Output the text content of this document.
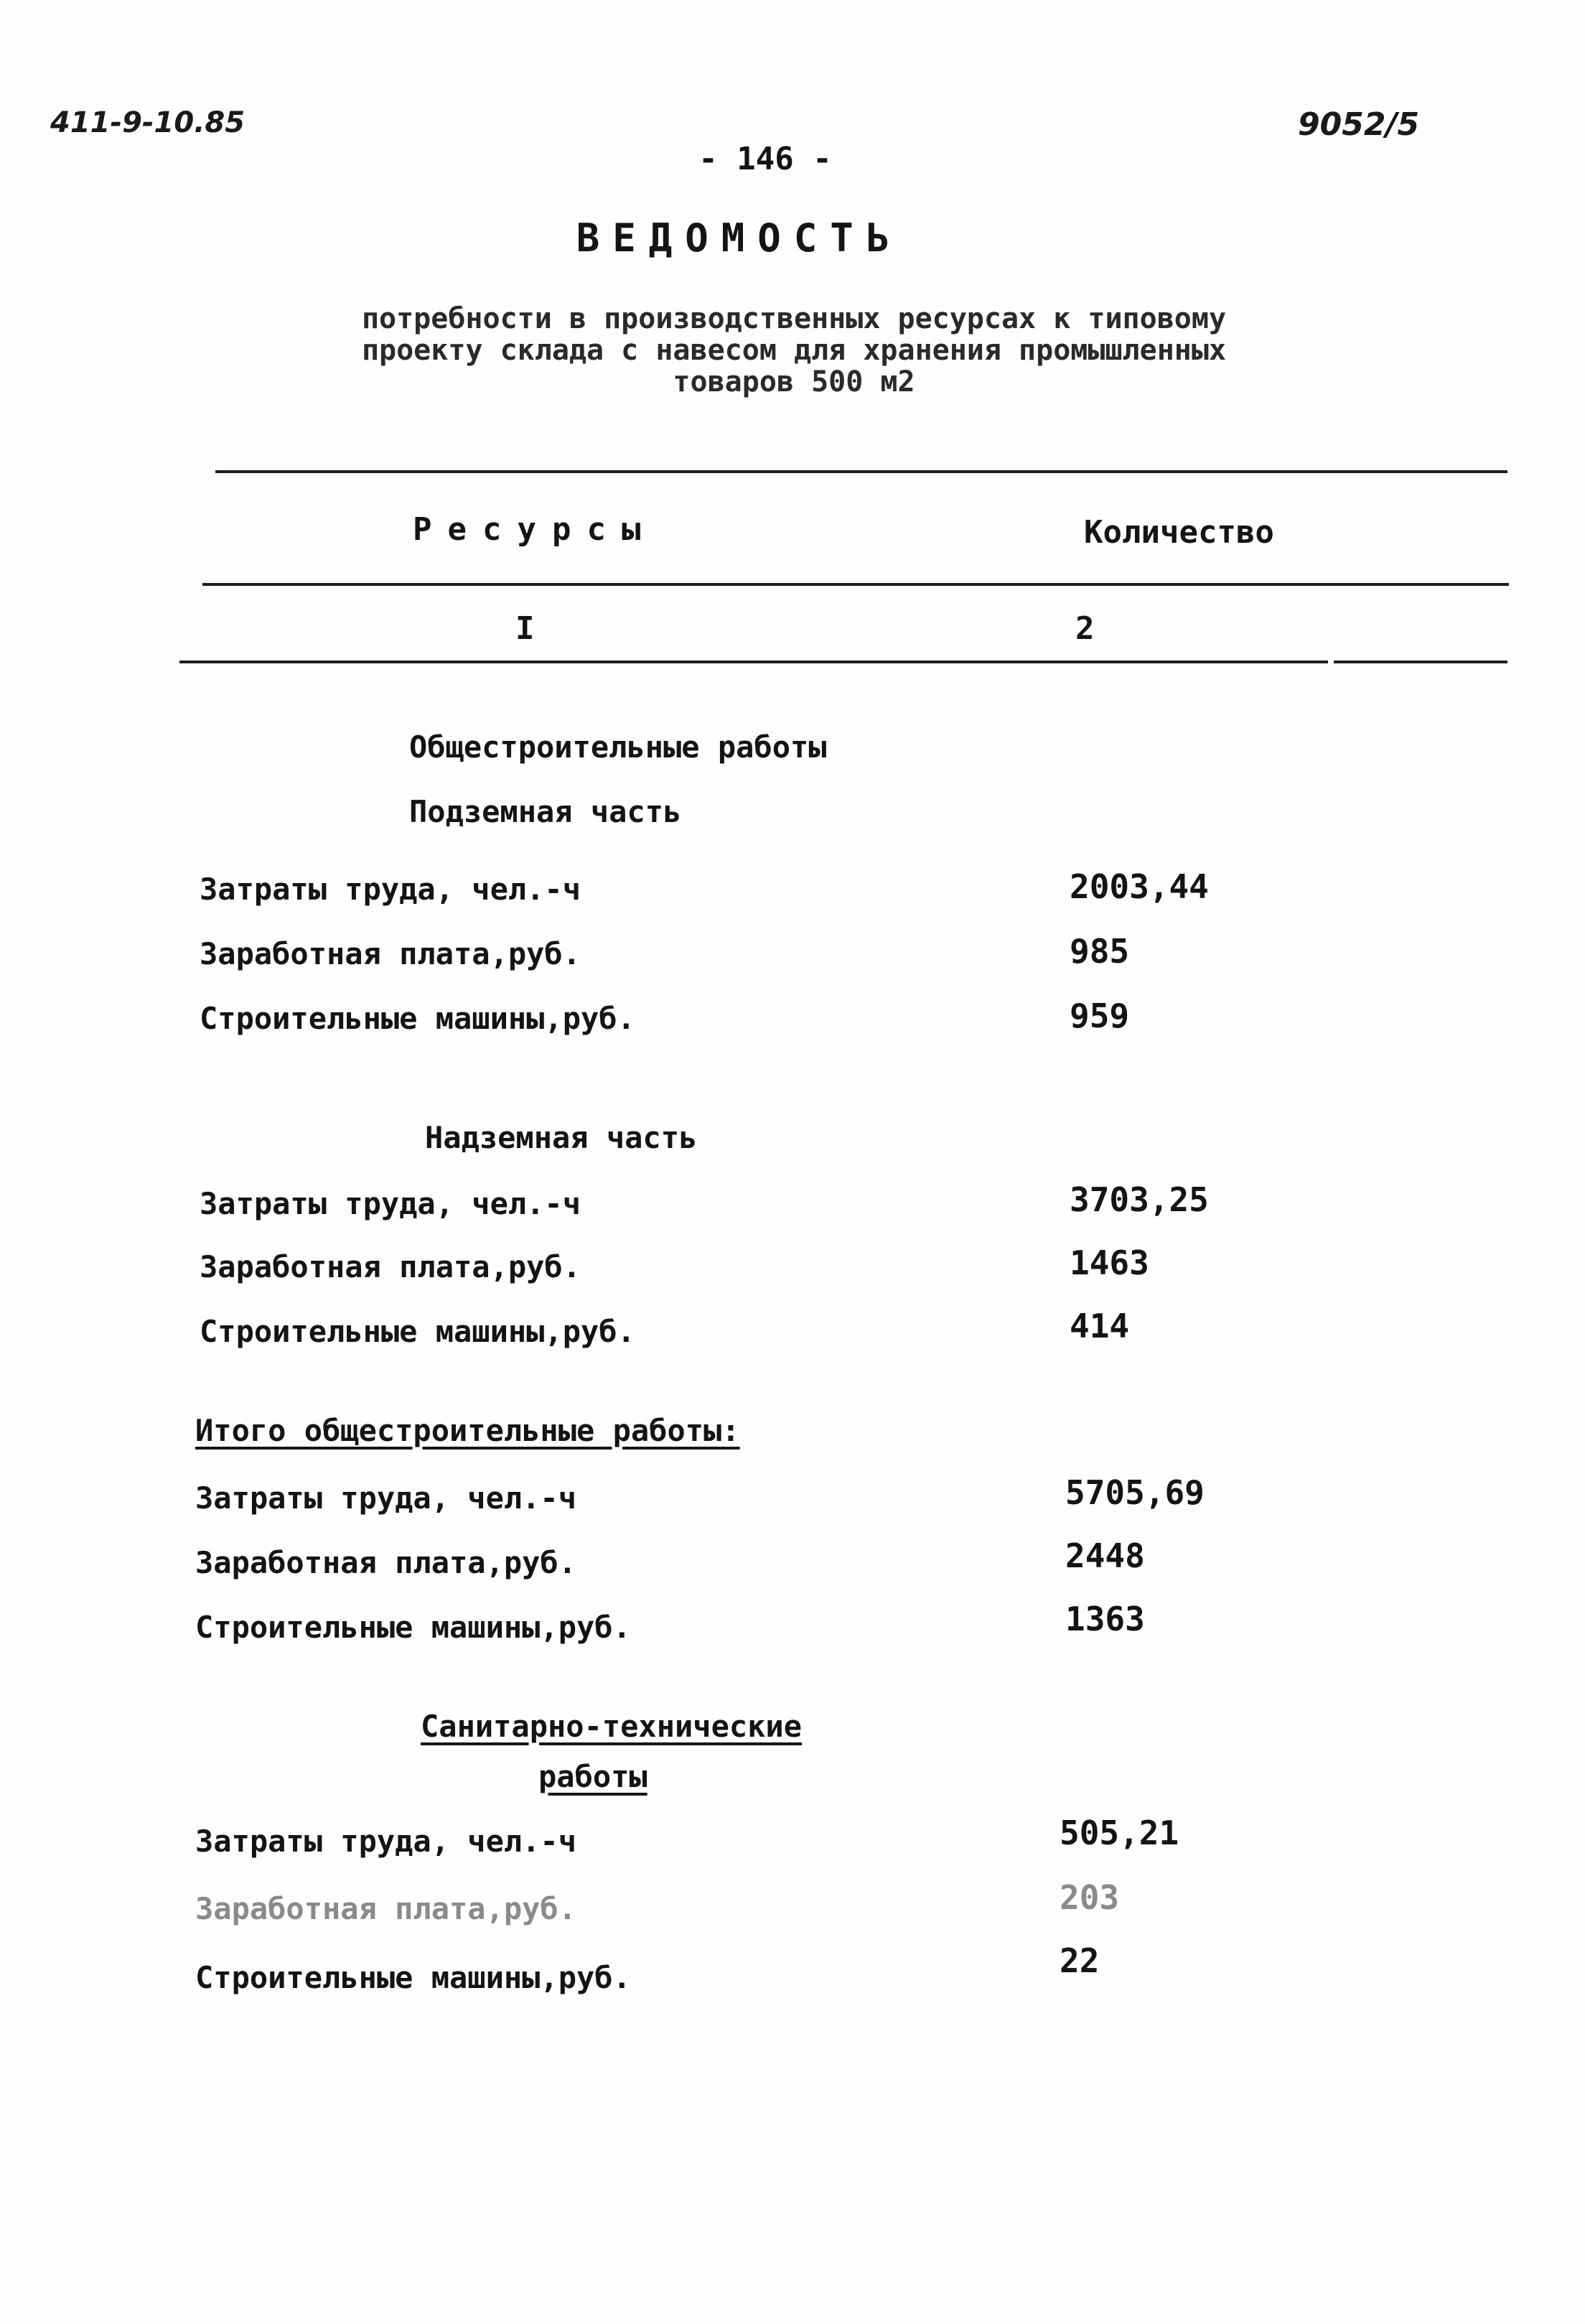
411-9-10.85
- 146 -
9052/5
ВЕДОМОСТЬ
потребности в производственных ресурсах к типовому
проекту склада с навесом для хранения промышленных
товаров 500 м2
Ресурсы	Количество
I	2
Общестроительные работы
Подземная часть
Затраты труда, чел.-ч	2003,44
Заработная плата,руб.	985
Строительные машины,руб.	959
Надземная часть
Затраты труда, чел.-ч	3703,25
Заработная плата,руб.	1463
Строительные машины,руб.	414
Итого общестроительные работы:
Затраты труда, чел.-ч	5705,69
Заработная плата,руб.	2448
Строительные машины,руб.	1363
Санитарно-технические
работы
Затраты труда, чел.-ч	505,21
Заработная плата,руб.	203
Строительные машины,руб.	22
